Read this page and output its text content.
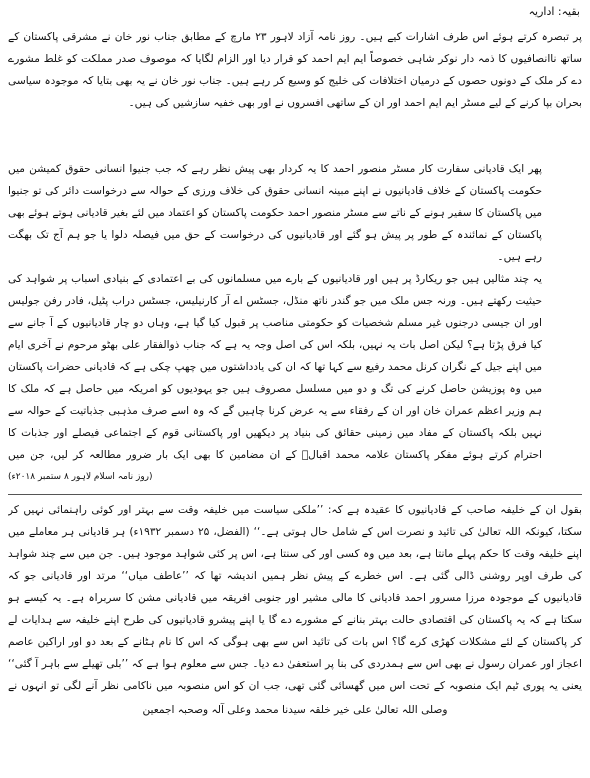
بقیہ: اداریہ

پر تبصرہ کرتے ہوئے اس طرف اشارات کیے ہیں۔ روز نامہ آزاد لاہور ۲۳ مارچ کے مطابق جناب نور خان نے مشرقی پاکستان کے ساتھ ناانصافیوں کا ذمہ دار نوکر شاہی خصوصاً ایم ایم احمد کو قرار دیا اور الزام لگایا کہ موصوف صدر مملکت کو غلط مشورے دے کر ملک کے دونوں حصوں کے درمیان اختلافات کی خلیج کو وسیع کر رہے ہیں۔ جناب نور خان نے یہ بھی بتایا کہ موجودہ سیاسی بحران بپا کرنے کے لیے مسٹر ایم ایم احمد اور ان کے ساتھی افسروں نے اور بھی خفیہ سازشیں کی ہیں۔

پھر ایک قادیانی سفارت کار مسٹر منصور احمد کا یہ کردار بھی پیش نظر رہے کہ جب جنیوا انسانی حقوق کمیشن میں حکومت پاکستان کے خلاف قادیانیوں نے اپنے مبینہ انسانی حقوق کی خلاف ورزی کے حوالہ سے درخواست دائر کی تو جنیوا میں پاکستان کا سفیر ہونے کے ناتے سے مسٹر منصور احمد حکومت پاکستان کو اعتماد میں لئے بغیر قادیانی ہوتے ہوئے بھی پاکستان کے نمائندہ کے طور پر پیش ہو گئے اور قادیانیوں کی درخواست کے حق میں فیصلہ دلوا یا جو ہم آج تک بھگت رہے ہیں۔

یہ چند مثالیں ہیں جو ریکارڈ پر ہیں اور قادیانیوں کے بارے میں مسلمانوں کی بے اعتمادی کے بنیادی اسباب پر شواہد کی حیثیت رکھتے ہیں۔ ورنہ جس ملک میں جو گندر ناتھ منڈل، جسٹس اے آر کارنیلیس، جسٹس دراب پٹیل، فادر رفن جولیس اور ان جیسی درجنوں غیر مسلم شخصیات کو حکومتی مناصب پر قبول کیا گیا ہے، وہاں دو چار قادیانیوں کے آ جانے سے کیا فرق پڑتا ہے؟ لیکن اصل بات یہ نہیں، بلکہ اس کی اصل وجہ یہ ہے کہ جناب ذوالفقار علی بھٹو مرحوم نے آخری ایام میں اپنے جیل کے نگران کرنل محمد رفیع سے کہا تھا کہ ان کی یادداشتوں میں چھپ چکی ہے کہ قادیانی حضرات پاکستان میں وہ پوزیشن حاصل کرنے کی تگ و دو میں مسلسل مصروف ہیں جو یہودیوں کو امریکہ میں حاصل ہے کہ ملک کا

ہم وزیر اعظم عمران خان اور ان کے رفقاء سے یہ عرض کرنا چاہیں گے کہ وہ اسے صرف مذہبی جذباتیت کے حوالہ سے نہیں بلکہ پاکستان کے مفاد میں زمینی حقائق کی بنیاد پر دیکھیں اور پاکستانی قوم کے اجتماعی فیصلے اور جذبات کا احترام کرتے ہوئے مفکر پاکستان علامہ محمد اقبالؒ کے ان مضامین کا بھی ایک بار ضرور مطالعہ کر لیں، جن میں

(روز نامہ اسلام لاہور ۸ ستمبر ۲۰۱۸ء)

بقول ان کے خلیفہ صاحب کے قادیانیوں کا عقیدہ ہے کہ: ’’ملکی سیاست میں خلیفہ وقت سے بہتر اور کوئی راہنمائی نہیں کر سکتا، کیونکہ اللہ تعالیٰ کی تائید و نصرت اس کے شامل حال ہوتی ہے۔‘‘ (الفضل، ۲۵ دسمبر ۱۹۳۲ء) ہر قادیانی ہر معاملے میں اپنے خلیفہ وقت کا حکم پہلے مانتا ہے، بعد میں وہ کسی اور کی سنتا ہے، اس پر کئی شواہد موجود ہیں۔ جن میں سے چند شواہد کی طرف اوپر روشنی ڈالی گئی ہے۔ اس خطرے کے پیش نظر ہمیں اندیشہ تھا کہ ’’عاطف میاں‘‘ مرتد اور قادیانی جو کہ قادیانیوں کے موجودہ مرزا مسرور احمد قادیانی کا مالی مشیر اور جنوبی افریقہ میں قادیانی مشن کا سربراہ ہے۔ یہ کیسے ہو سکتا ہے کہ یہ پاکستان کی اقتصادی حالت بہتر بنانے کے مشورے دے گا یا اپنے پیشرو قادیانیوں کی طرح اپنے خلیفہ سے ہدایات لے کر پاکستان کے لئے مشکلات کھڑی کرے گا؟ اس بات کی تائید اس سے بھی ہوگی کہ اس کا نام ہٹانے کے بعد دو اور اراکین عاصم اعجاز اور عمران رسول نے بھی اس سے ہمدردی کی بنا پر استعفیٰ دے دیا۔ جس سے معلوم ہوا ہے کہ ’’بلی تھیلے سے باہر آ گئی‘‘ یعنی یہ پوری ٹیم ایک منصوبہ کے تحت اس میں گھسائی گئی تھی، جب ان کو اس منصوبہ میں ناکامی نظر آنے لگی تو انہوں نے

وصلی اللہ تعالیٰ علی خیر خلقہ سیدنا محمد وعلی آلہ وصحبہ اجمعین
